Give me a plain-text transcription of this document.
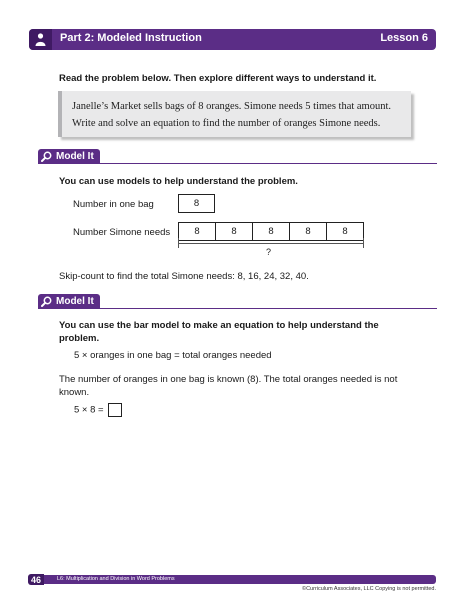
Part 2: Modeled Instruction	Lesson 6
Read the problem below. Then explore different ways to understand it.
Janelle’s Market sells bags of 8 oranges. Simone needs 5 times that amount.
Write and solve an equation to find the number of oranges Simone needs.
Model It
You can use models to help understand the problem.
Number in one bag	8
Number Simone needs	8	8	8	8	8
?
Skip-count to find the total Simone needs: 8, 16, 24, 32, 40.
Model It
You can use the bar model to make an equation to help understand the
problem.
5 × oranges in one bag = total oranges needed
The number of oranges in one bag is known (8). The total oranges needed is not
known.
5 × 8 =
46	L6: Multiplication and Division in Word Problems
©Curriculum Associates, LLC Copying is not permitted.
